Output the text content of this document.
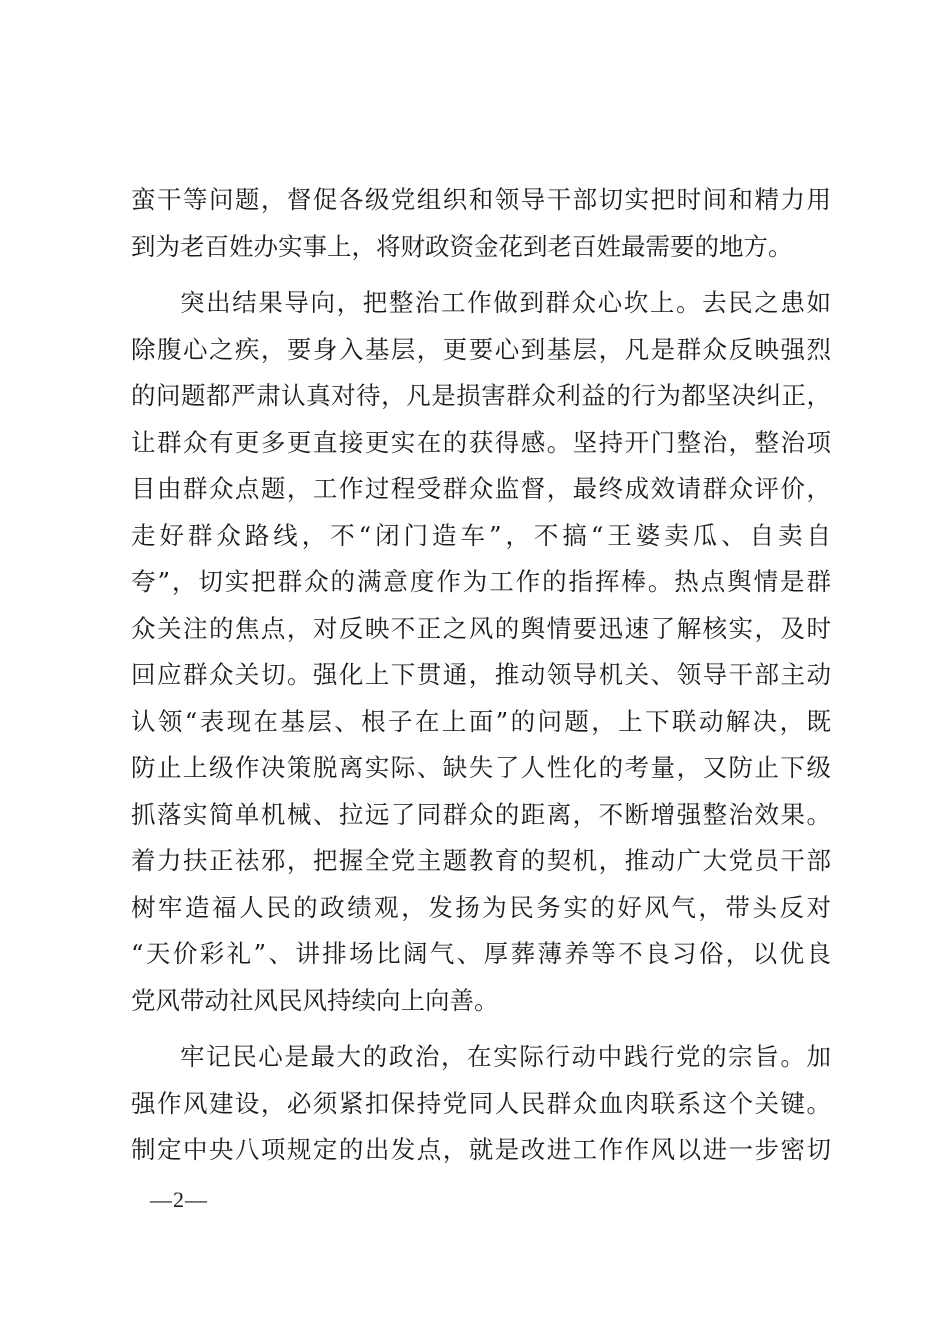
蛮干等问题，督促各级党组织和领导干部切实把时间和精力用
到为老百姓办实事上，将财政资金花到老百姓最需要的地方。
突出结果导向，把整治工作做到群众心坎上。去民之患如
除腹心之疾，要身入基层，更要心到基层，凡是群众反映强烈
的问题都严肃认真对待，凡是损害群众利益的行为都坚决纠正，
让群众有更多更直接更实在的获得感。坚持开门整治，整治项
目由群众点题，工作过程受群众监督，最终成效请群众评价，
走好群众路线，不“闭门造车”，不搞“王婆卖瓜、自卖自
夸”，切实把群众的满意度作为工作的指挥棒。热点舆情是群
众关注的焦点，对反映不正之风的舆情要迅速了解核实，及时
回应群众关切。强化上下贯通，推动领导机关、领导干部主动
认领“表现在基层、根子在上面”的问题，上下联动解决，既
防止上级作决策脱离实际、缺失了人性化的考量，又防止下级
抓落实简单机械、拉远了同群众的距离，不断增强整治效果。
着力扶正祛邪，把握全党主题教育的契机，推动广大党员干部
树牢造福人民的政绩观，发扬为民务实的好风气，带头反对
“天价彩礼”、讲排场比阔气、厚葬薄养等不良习俗，以优良
党风带动社风民风持续向上向善。
牢记民心是最大的政治，在实际行动中践行党的宗旨。加
强作风建设，必须紧扣保持党同人民群众血肉联系这个关键。
制定中央八项规定的出发点，就是改进工作作风以进一步密切
—2—
